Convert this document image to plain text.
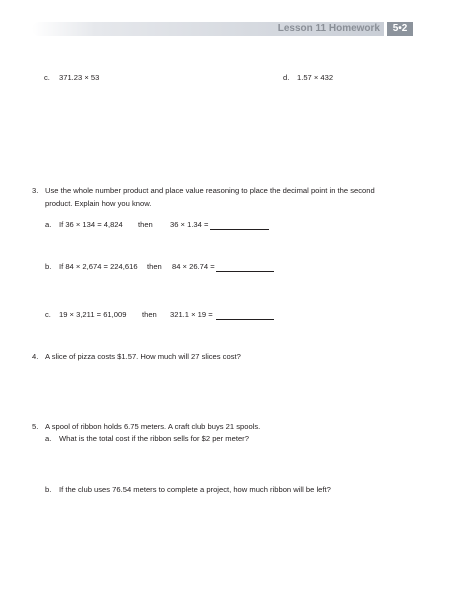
Lesson 11 Homework	5•2
c. 371.23 × 53	d. 1.57 × 432
3. Use the whole number product and place value reasoning to place the decimal point in the second
product. Explain how you know.
a. If 36 × 134 = 4,824 then 36 × 1.34 =
b. If 84 × 2,674 = 224,616 then 84 × 26.74 =
c. 19 × 3,211 = 61,009 then 321.1 × 19 =
4. A slice of pizza costs $1.57. How much will 27 slices cost?
5. A spool of ribbon holds 6.75 meters. A craft club buys 21 spools.
a. What is the total cost if the ribbon sells for $2 per meter?
b. If the club uses 76.54 meters to complete a project, how much ribbon will be left?
